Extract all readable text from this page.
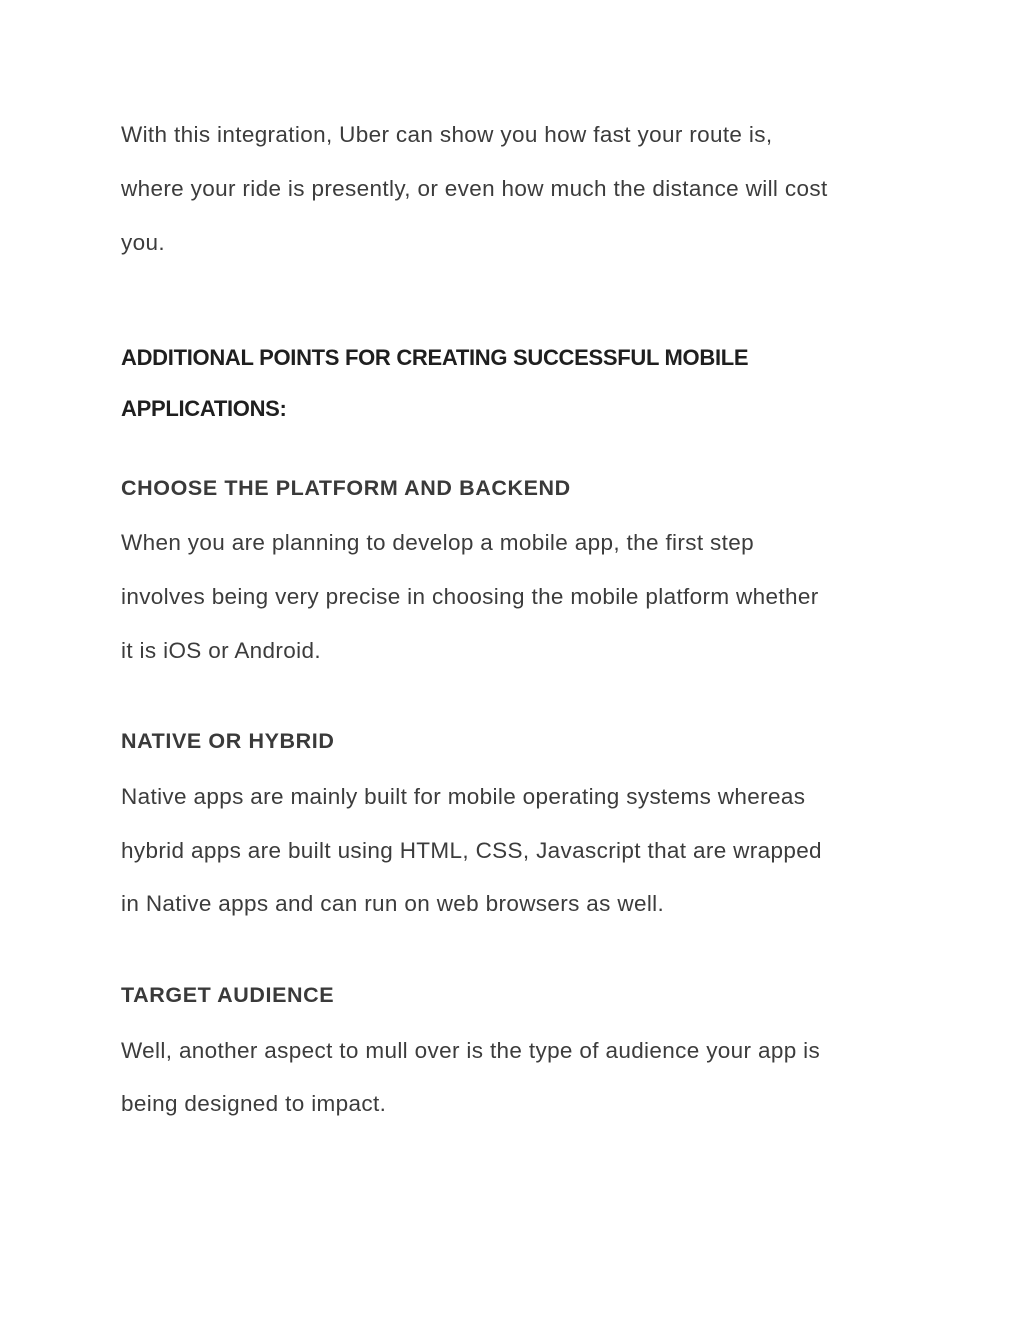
With this integration, Uber can show you how fast your route is,
where your ride is presently, or even how much the distance will cost
you.
ADDITIONAL POINTS FOR CREATING SUCCESSFUL MOBILE
APPLICATIONS:
CHOOSE THE PLATFORM AND BACKEND
When you are planning to develop a mobile app, the first step
involves being very precise in choosing the mobile platform whether
it is iOS or Android.
NATIVE OR HYBRID
Native apps are mainly built for mobile operating systems whereas
hybrid apps are built using HTML, CSS, Javascript that are wrapped
in Native apps and can run on web browsers as well.
TARGET AUDIENCE
Well, another aspect to mull over is the type of audience your app is
being designed to impact.
